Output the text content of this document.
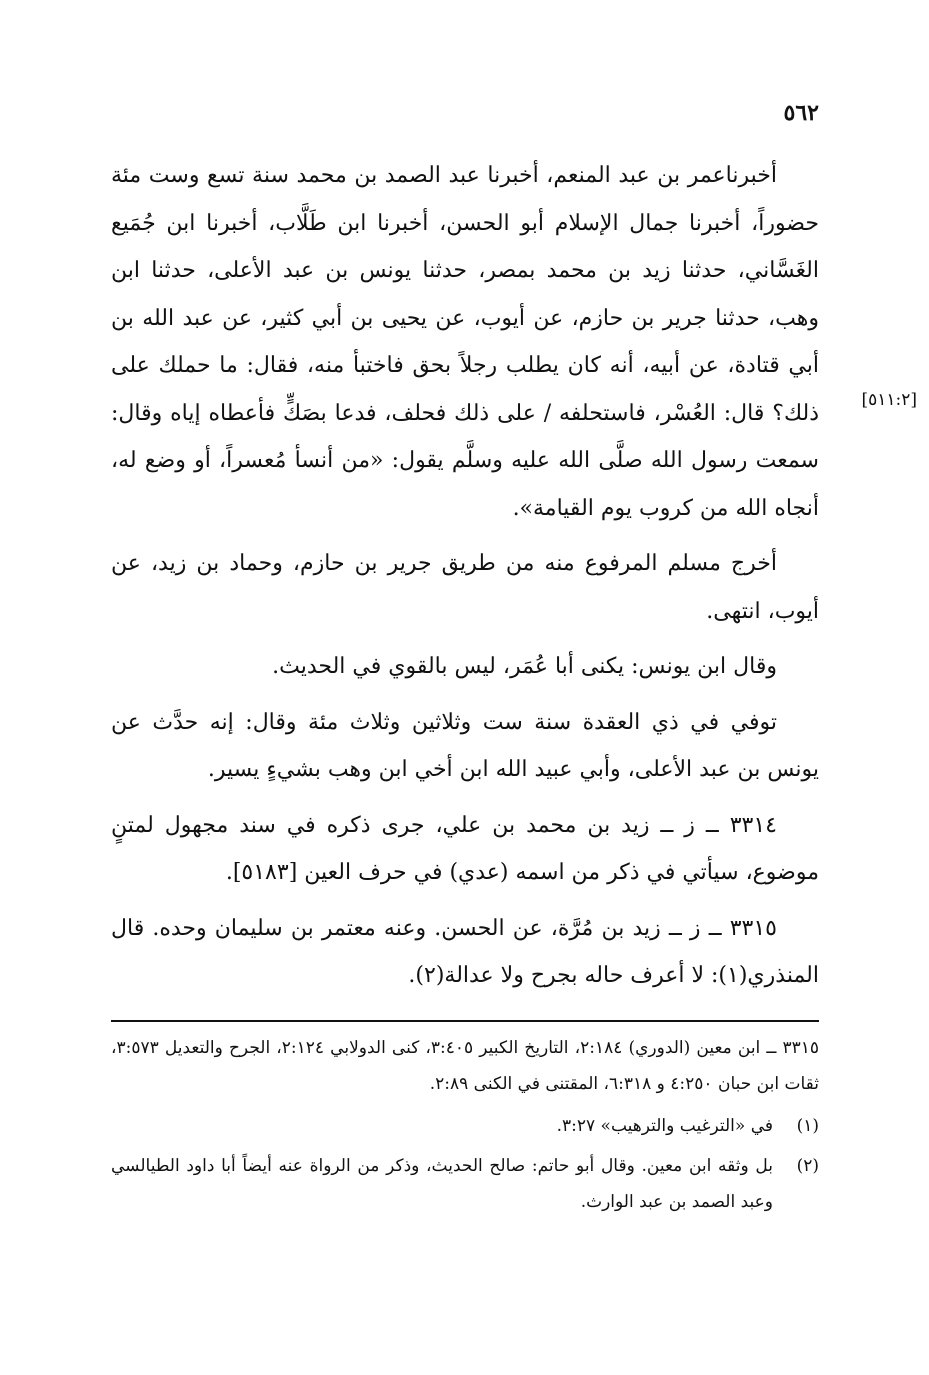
٥٦٢
[٥١١:٢]

أخبرناعمر بن عبد المنعم، أخبرنا عبد الصمد بن محمد سنة تسع وست مئة حضوراً، أخبرنا جمال الإسلام أبو الحسن، أخبرنا ابن طَلَّاب، أخبرنا ابن جُمَيع الغَسَّاني، حدثنا زيد بن محمد بمصر، حدثنا يونس بن عبد الأعلى، حدثنا ابن وهب، حدثنا جرير بن حازم، عن أيوب، عن يحيى بن أبي كثير، عن عبد الله بن أبي قتادة، عن أبيه، أنه كان يطلب رجلاً بحق فاختبأ منه، فقال: ما حملك على ذلك؟ قال: العُسْر، فاستحلفه / على ذلك فحلف، فدعا بصَكٍّ فأعطاه إياه وقال: سمعت رسول الله صلَّى الله عليه وسلَّم يقول: «من أنسأ مُعسراً، أو وضع له، أنجاه الله من كروب يوم القيامة».

أخرج مسلم المرفوع منه من طريق جرير بن حازم، وحماد بن زيد، عن أيوب، انتهى.

وقال ابن يونس: يكنى أبا عُمَر، ليس بالقوي في الحديث.

توفي في ذي العقدة سنة ست وثلاثين وثلاث مئة وقال: إنه حدَّث عن يونس بن عبد الأعلى، وأبي عبيد الله ابن أخي ابن وهب بشيءٍ يسير.

٣٣١٤ ــ ز ــ زيد بن محمد بن علي، جرى ذكره في سند مجهول لمتنٍ موضوع، سيأتي في ذكر من اسمه (عدي) في حرف العين [٥١٨٣].

٣٣١٥ ــ ز ــ زيد بن مُرَّة، عن الحسن. وعنه معتمر بن سليمان وحده. قال المنذري(١): لا أعرف حاله بجرح ولا عدالة(٢).

٣٣١٥ ــ ابن معين (الدوري) ٢:١٨٤، التاريخ الكبير ٣:٤٠٥، كنى الدولابي ٢:١٢٤، الجرح والتعديل ٣:٥٧٣، ثقات ابن حبان ٤:٢٥٠ و ٦:٣١٨، المقتنى في الكنى ٢:٨٩.
(١)
في «الترغيب والترهيب» ٣:٢٧.
(٢)
بل وثقه ابن معين. وقال أبو حاتم: صالح الحديث، وذكر من الرواة عنه أيضاً أبا داود الطيالسي وعبد الصمد بن عبد الوارث.
